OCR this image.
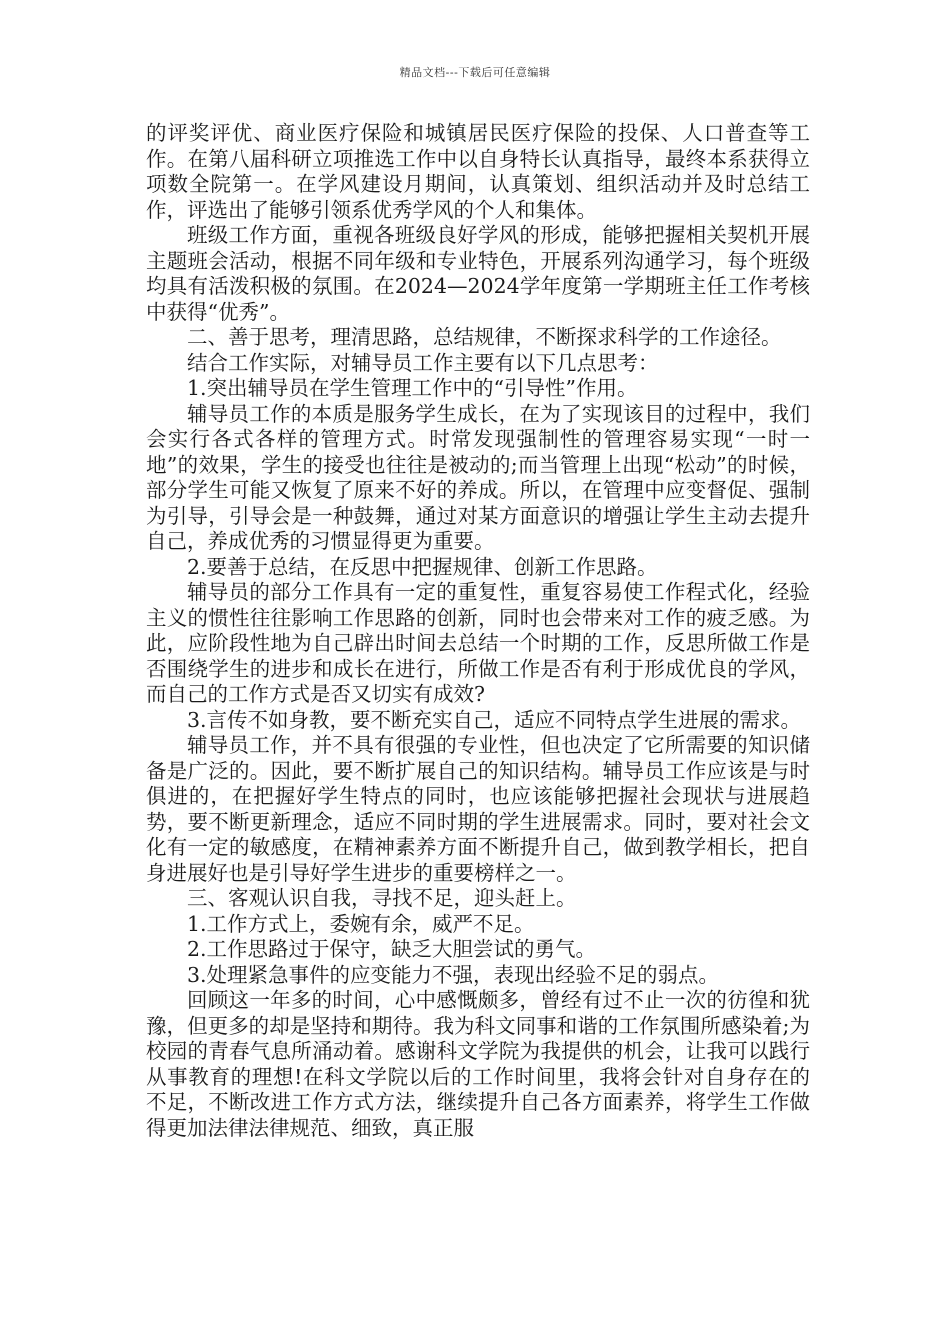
精品文档---下载后可任意编辑

的评奖评优、商业医疗保险和城镇居民医疗保险的投保、人口普查等工作。在第八届科研立项推选工作中以自身特长认真指导，最终本系获得立项数全院第一。在学风建设月期间，认真策划、组织活动并及时总结工作，评选出了能够引领系优秀学风的个人和集体。

班级工作方面，重视各班级良好学风的形成，能够把握相关契机开展主题班会活动，根据不同年级和专业特色，开展系列沟通学习，每个班级均具有活泼积极的氛围。在2024—2024学年度第一学期班主任工作考核中获得“优秀”。

二、善于思考，理清思路，总结规律，不断探求科学的工作途径。

结合工作实际，对辅导员工作主要有以下几点思考：

1.突出辅导员在学生管理工作中的“引导性”作用。

辅导员工作的本质是服务学生成长，在为了实现该目的过程中，我们会实行各式各样的管理方式。时常发现强制性的管理容易实现“一时一地”的效果，学生的接受也往往是被动的;而当管理上出现“松动”的时候，部分学生可能又恢复了原来不好的养成。所以，在管理中应变督促、强制为引导，引导会是一种鼓舞，通过对某方面意识的增强让学生主动去提升自己，养成优秀的习惯显得更为重要。

2.要善于总结，在反思中把握规律、创新工作思路。

辅导员的部分工作具有一定的重复性，重复容易使工作程式化，经验主义的惯性往往影响工作思路的创新，同时也会带来对工作的疲乏感。为此，应阶段性地为自己辟出时间去总结一个时期的工作，反思所做工作是否围绕学生的进步和成长在进行，所做工作是否有利于形成优良的学风，而自己的工作方式是否又切实有成效?

3.言传不如身教，要不断充实自己，适应不同特点学生进展的需求。

辅导员工作，并不具有很强的专业性，但也决定了它所需要的知识储备是广泛的。因此，要不断扩展自己的知识结构。辅导员工作应该是与时俱进的，在把握好学生特点的同时，也应该能够把握社会现状与进展趋势，要不断更新理念，适应不同时期的学生进展需求。同时，要对社会文化有一定的敏感度，在精神素养方面不断提升自己，做到教学相长，把自身进展好也是引导好学生进步的重要榜样之一。

三、客观认识自我，寻找不足，迎头赶上。

1.工作方式上，委婉有余，威严不足。

2.工作思路过于保守，缺乏大胆尝试的勇气。

3.处理紧急事件的应变能力不强，表现出经验不足的弱点。

回顾这一年多的时间，心中感慨颇多，曾经有过不止一次的彷徨和犹豫，但更多的却是坚持和期待。我为科文同事和谐的工作氛围所感染着;为校园的青春气息所涌动着。感谢科文学院为我提供的机会，让我可以践行从事教育的理想!在科文学院以后的工作时间里，我将会针对自身存在的不足，不断改进工作方式方法，继续提升自己各方面素养，将学生工作做得更加法律法律规范、细致，真正服
